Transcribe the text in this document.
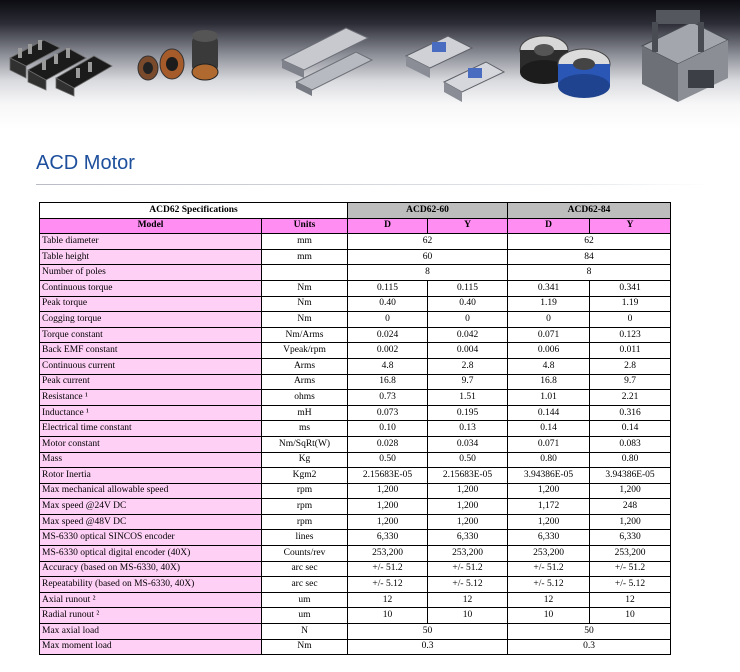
ACD Motor
ACD62 Specifications		ACD62-60		ACD62-84	
Model	Units	D	Y	D	Y
Table diameter	mm	62		62	
Table height	mm	60		84	
Number of poles		8		8	
Continuous torque	Nm	0.115	0.115	0.341	0.341
Peak torque	Nm	0.40	0.40	1.19	1.19
Cogging torque	Nm	0	0	0	0
Torque constant	Nm/Arms	0.024	0.042	0.071	0.123
Back EMF constant	Vpeak/rpm	0.002	0.004	0.006	0.011
Continuous current	Arms	4.8	2.8	4.8	2.8
Peak current	Arms	16.8	9.7	16.8	9.7
Resistance ¹	ohms	0.73	1.51	1.01	2.21
Inductance ¹	mH	0.073	0.195	0.144	0.316
Electrical time constant	ms	0.10	0.13	0.14	0.14
Motor constant	Nm/SqRt(W)	0.028	0.034	0.071	0.083
Mass	Kg	0.50	0.50	0.80	0.80
Rotor Inertia	Kgm2	2.15683E-05	2.15683E-05	3.94386E-05	3.94386E-05
Max mechanical allowable speed	rpm	1,200	1,200	1,200	1,200
Max speed @24V DC	rpm	1,200	1,200	1,172	248
Max speed @48V DC	rpm	1,200	1,200	1,200	1,200
MS-6330 optical SINCOS encoder	lines	6,330	6,330	6,330	6,330
MS-6330 optical digital encoder (40X)	Counts/rev	253,200	253,200	253,200	253,200
Accuracy (based on MS-6330, 40X)	arc sec	+/- 51.2	+/- 51.2	+/- 51.2	+/- 51.2
Repeatability (based on MS-6330, 40X)	arc sec	+/- 5.12	+/- 5.12	+/- 5.12	+/- 5.12
Axial runout ²	um	12	12	12	12
Radial runout ²	um	10	10	10	10
Max axial load	N	50		50	
Max moment load	Nm	0.3		0.3	
